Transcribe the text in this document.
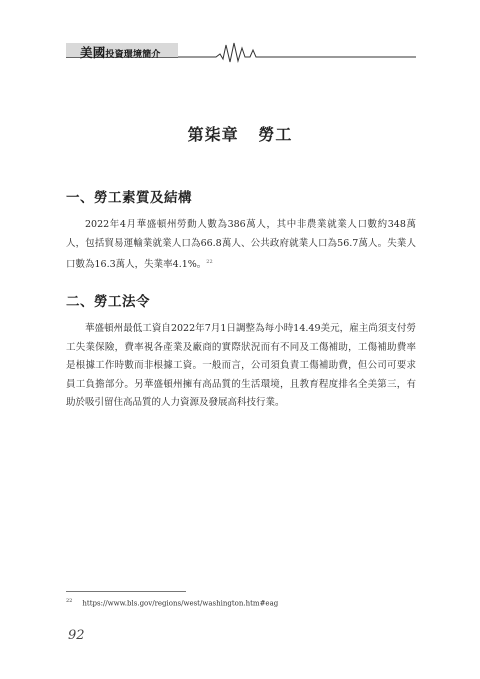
美國投資環境簡介
第柒章   勞工
一、勞工素質及結構

2022年4月華盛頓州勞動人數為386萬人，其中非農業就業人口數約348萬人，包括貿易運輸業就業人口為66.8萬人、公共政府就業人口為56.7萬人。失業人口數為16.3萬人，失業率4.1%。$^{22}$

二、勞工法令

華盛頓州最低工資自2022年7月1日調整為每小時14.49美元，雇主尚須支付勞工失業保險，費率視各產業及廠商的實際狀況而有不同及工傷補助，工傷補助費率是根據工作時數而非根據工資。一般而言，公司須負責工傷補助費，但公司可要求員工負擔部分。另華盛頓州擁有高品質的生活環境，且教育程度排名全美第三，有助於吸引留住高品質的人力資源及發展高科技行業。

$^{22}$ https://www.bls.gov/regions/west/washington.htm#eag
92
